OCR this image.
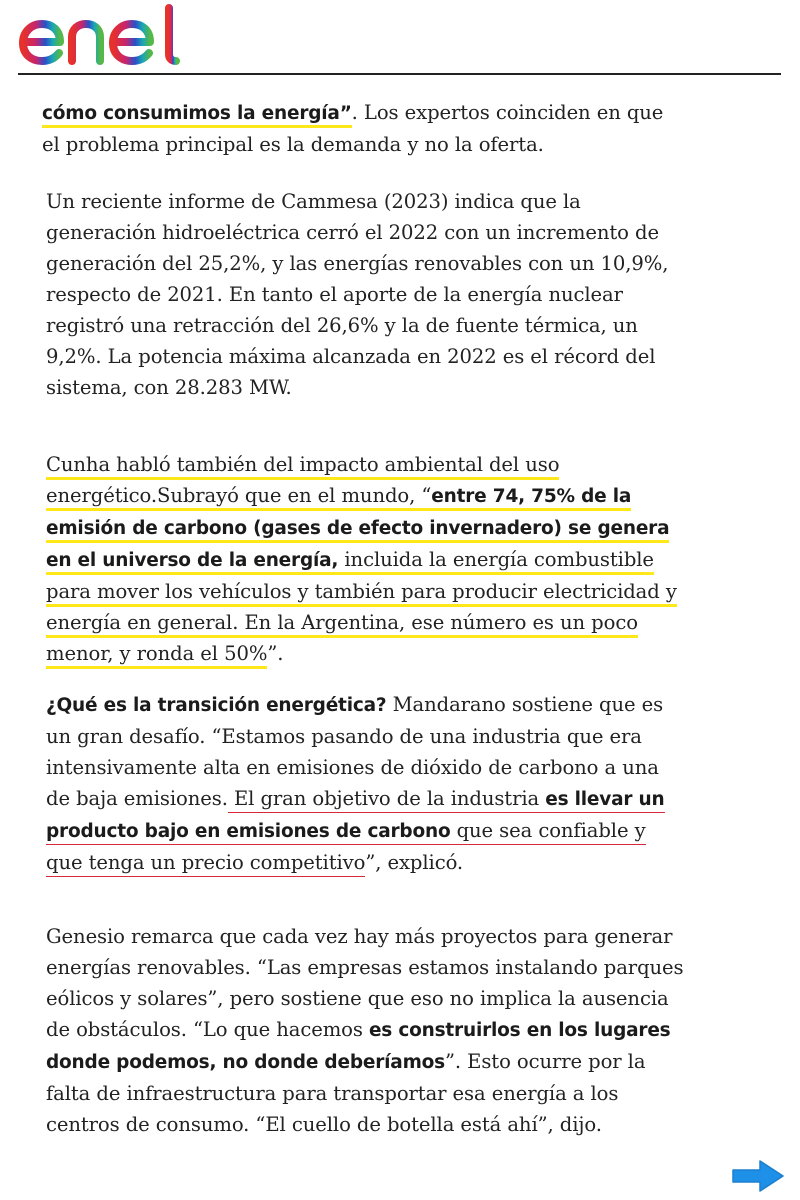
cómo consumimos la energía”. Los expertos coinciden en que el problema principal es la demanda y no la oferta.

Un reciente informe de Cammesa (2023) indica que la generación hidroeléctrica cerró el 2022 con un incremento de generación del 25,2%, y las energías renovables con un 10,9%, respecto de 2021. En tanto el aporte de la energía nuclear registró una retracción del 26,6% y la de fuente térmica, un 9,2%. La potencia máxima alcanzada en 2022 es el récord del sistema, con 28.283 MW.

Cunha habló también del impacto ambiental del uso energético.Subrayó que en el mundo, “entre 74, 75% de la emisión de carbono (gases de efecto invernadero) se genera en el universo de la energía, incluida la energía combustible para mover los vehículos y también para producir electricidad y energía en general. En la Argentina, ese número es un poco menor, y ronda el 50%”.

¿Qué es la transición energética? Mandarano sostiene que es un gran desafío. “Estamos pasando de una industria que era intensivamente alta en emisiones de dióxido de carbono a una de baja emisiones. El gran objetivo de la industria es llevar un producto bajo en emisiones de carbono que sea confiable y que tenga un precio competitivo”, explicó.

Genesio remarca que cada vez hay más proyectos para generar energías renovables. “Las empresas estamos instalando parques eólicos y solares”, pero sostiene que eso no implica la ausencia de obstáculos. “Lo que hacemos es construirlos en los lugares donde podemos, no donde deberíamos”. Esto ocurre por la falta de infraestructura para transportar esa energía a los centros de consumo. “El cuello de botella está ahí”, dijo.
